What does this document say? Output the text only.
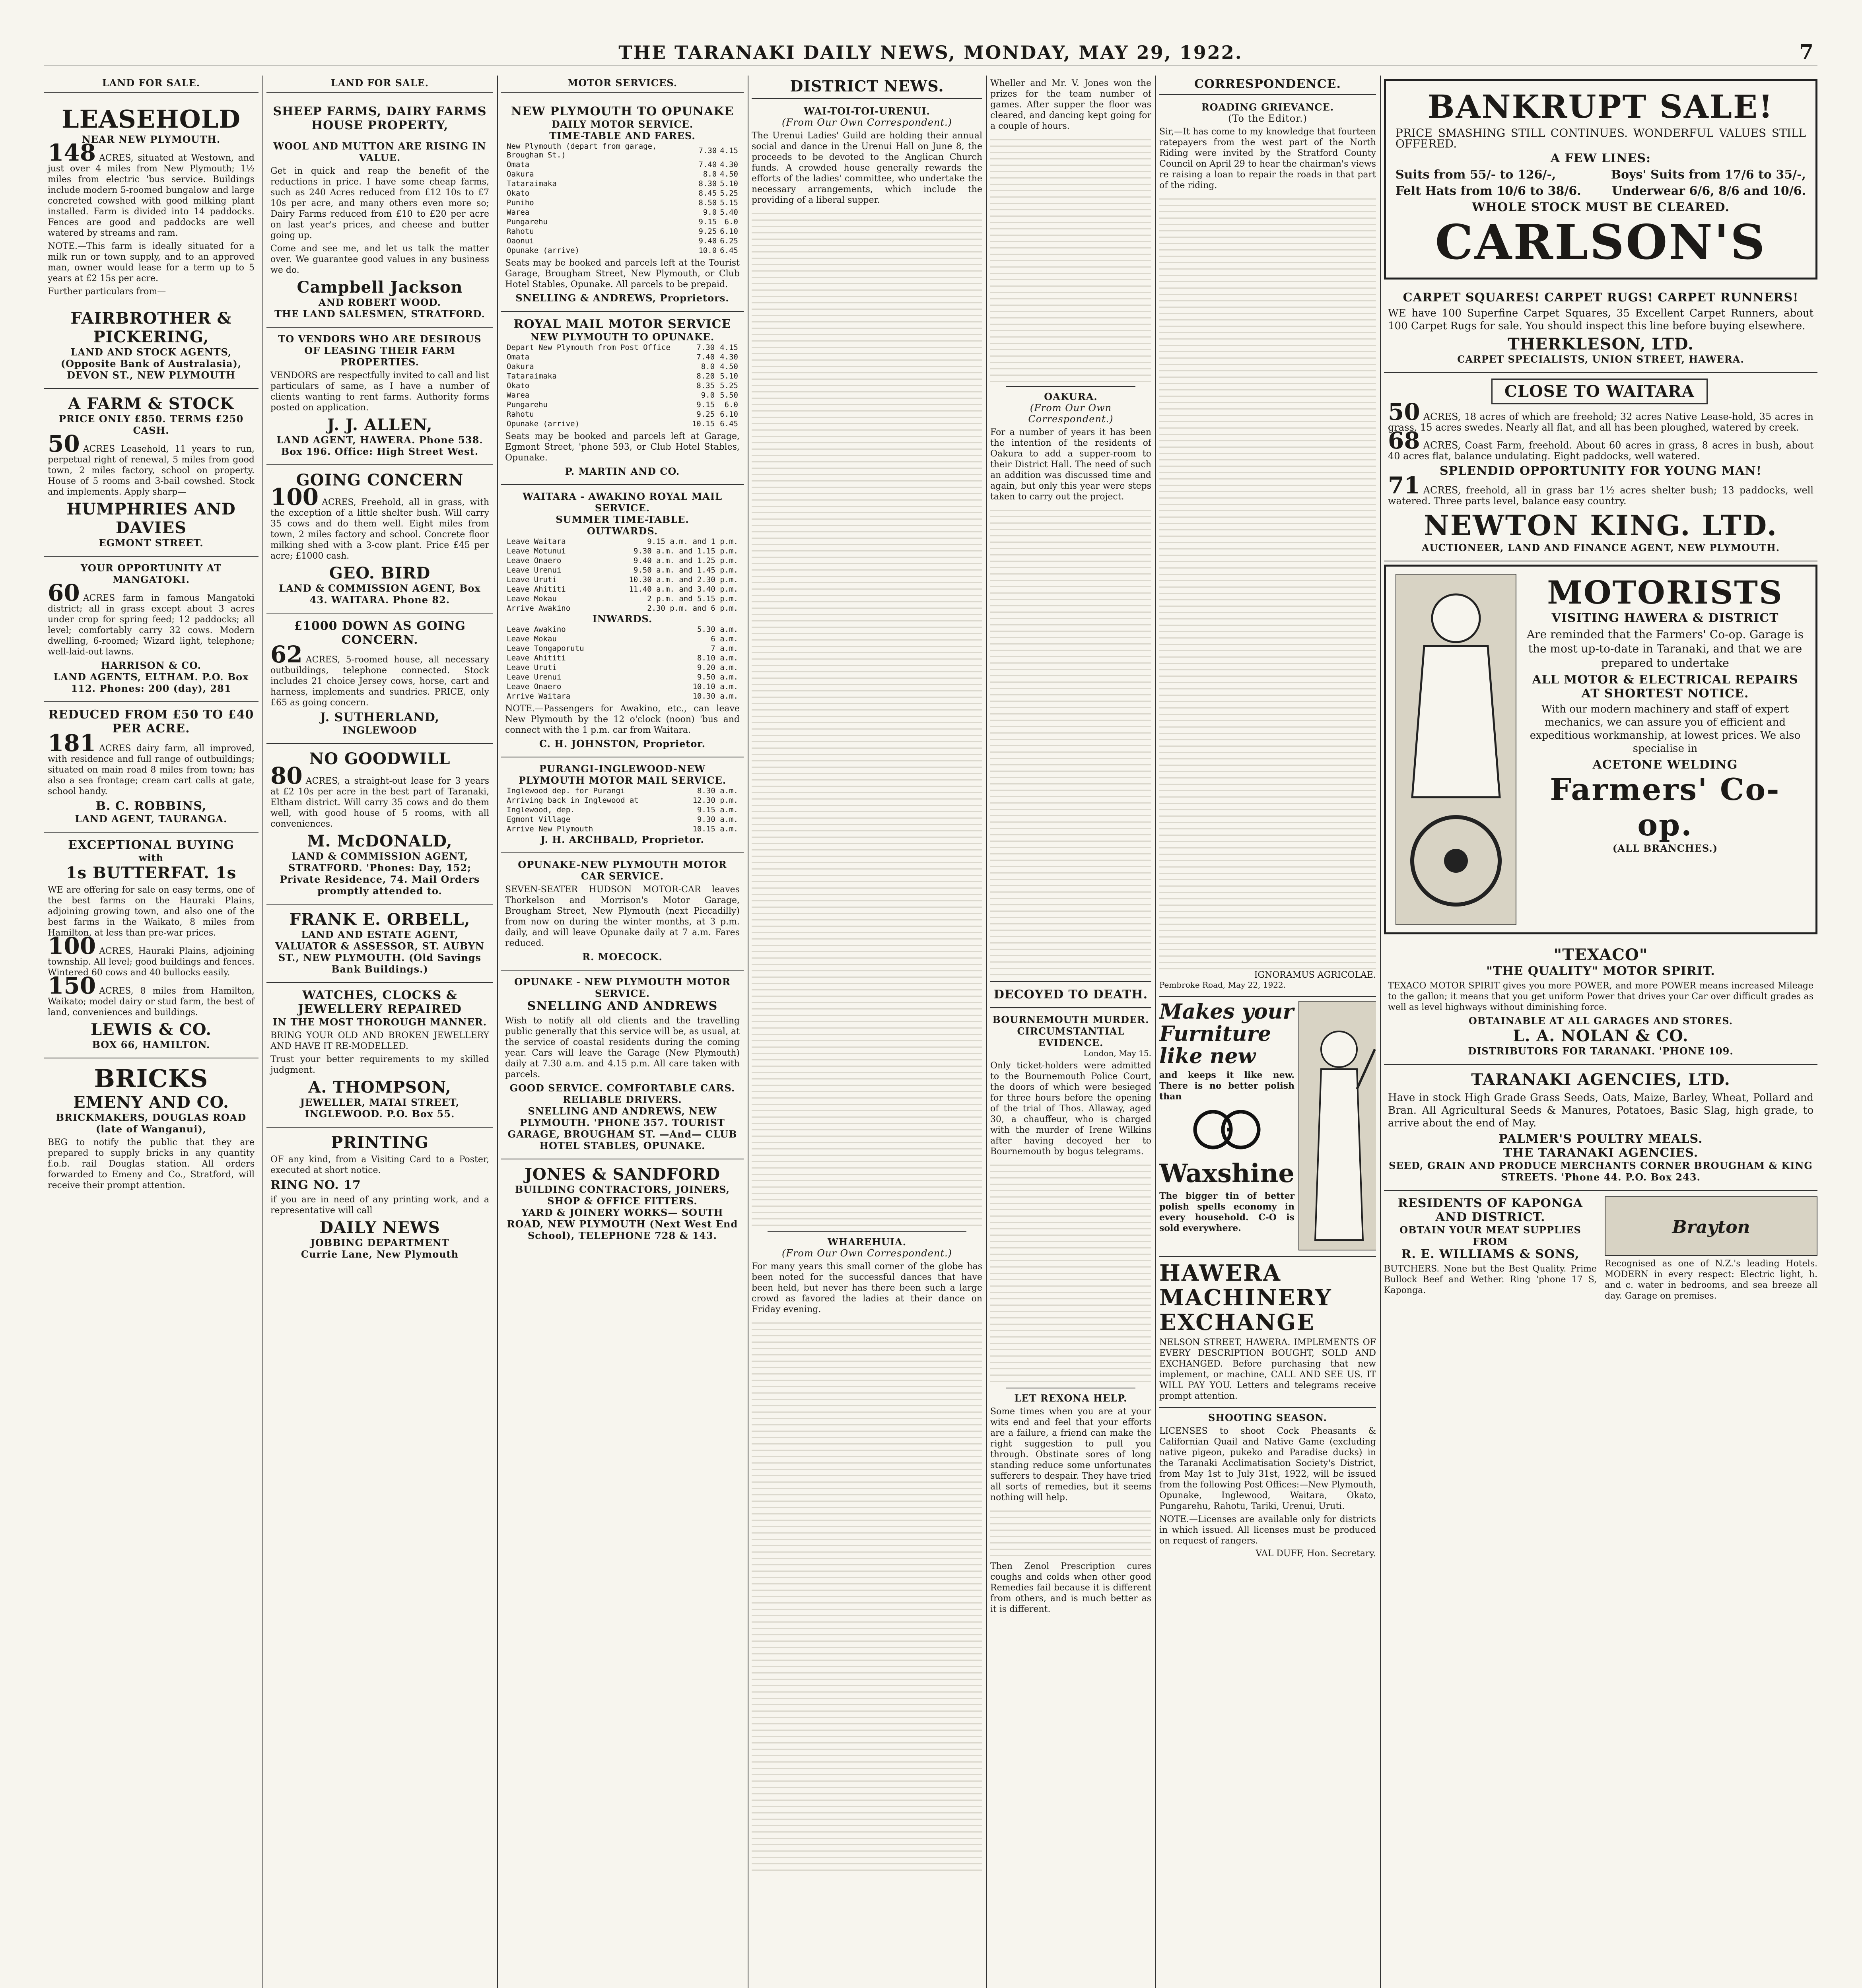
THE TARANAKI DAILY NEWS, MONDAY, MAY 29, 1922.	7
LAND FOR SALE.
LEASEHOLD
NEAR NEW PLYMOUTH.

148 ACRES, situated at Westown, and just over 4 miles from New Plymouth; 1½ miles from electric 'bus service. Buildings include modern 5-roomed bungalow and large concreted cowshed with good milking plant installed. Farm is divided into 14 paddocks. Fences are good and paddocks are well watered by streams and ram.

NOTE.—This farm is ideally situated for a milk run or town supply, and to an approved man, owner would lease for a term up to 5 years at £2 15s per acre.

Further particulars from—

FAIRBROTHER & PICKERING,
LAND AND STOCK AGENTS, (Opposite Bank of Australasia), DEVON ST., NEW PLYMOUTH
A FARM & STOCK
PRICE ONLY £850. TERMS £250 CASH.

50 ACRES Leasehold, 11 years to run, perpetual right of renewal, 5 miles from good town, 2 miles factory, school on property. House of 5 rooms and 3-bail cowshed. Stock and implements. Apply sharp—

HUMPHRIES AND DAVIES
EGMONT STREET.
YOUR OPPORTUNITY AT MANGATOKI.

60 ACRES farm in famous Mangatoki district; all in grass except about 3 acres under crop for spring feed; 12 paddocks; all level; comfortably carry 32 cows. Modern dwelling, 6-roomed; Wizard light, telephone; well-laid-out lawns.

HARRISON & CO.
LAND AGENTS, ELTHAM. P.O. Box 112. Phones: 200 (day), 281
REDUCED FROM £50 TO £40 PER ACRE.

181 ACRES dairy farm, all improved, with residence and full range of outbuildings; situated on main road 8 miles from town; has also a sea frontage; cream cart calls at gate, school handy.

B. C. ROBBINS,
LAND AGENT, TAURANGA.
EXCEPTIONAL BUYING
with
1s BUTTERFAT. 1s

WE are offering for sale on easy terms, one of the best farms on the Hauraki Plains, adjoining growing town, and also one of the best farms in the Waikato, 8 miles from Hamilton, at less than pre-war prices.

100 ACRES, Hauraki Plains, adjoining township. All level; good buildings and fences. Wintered 60 cows and 40 bullocks easily.

150 ACRES, 8 miles from Hamilton, Waikato; model dairy or stud farm, the best of land, conveniences and buildings.

LEWIS & CO.
BOX 66, HAMILTON.
BRICKS
EMENY AND CO.
BRICKMAKERS, DOUGLAS ROAD (late of Wanganui),

BEG to notify the public that they are prepared to supply bricks in any quantity f.o.b. rail Douglas station. All orders forwarded to Emeny and Co., Stratford, will receive their prompt attention.

LAND FOR SALE.
SHEEP FARMS, DAIRY FARMS HOUSE PROPERTY,
WOOL AND MUTTON ARE RISING IN VALUE.

Get in quick and reap the benefit of the reductions in price. I have some cheap farms, such as 240 Acres reduced from £12 10s to £7 10s per acre, and many others even more so; Dairy Farms reduced from £10 to £20 per acre on last year's prices, and cheese and butter going up.

Come and see me, and let us talk the matter over. We guarantee good values in any business we do.

Campbell Jackson
AND ROBERT WOOD.
THE LAND SALESMEN, STRATFORD.
TO VENDORS WHO ARE DESIROUS OF LEASING THEIR FARM PROPERTIES.

VENDORS are respectfully invited to call and list particulars of same, as I have a number of clients wanting to rent farms. Authority forms posted on application.

J. J. ALLEN,
LAND AGENT, HAWERA. Phone 538. Box 196. Office: High Street West.
GOING CONCERN

100 ACRES, Freehold, all in grass, with the exception of a little shelter bush. Will carry 35 cows and do them well. Eight miles from town, 2 miles factory and school. Concrete floor milking shed with a 3-cow plant. Price £45 per acre; £1000 cash.

GEO. BIRD
LAND & COMMISSION AGENT, Box 43. WAITARA. Phone 82.
£1000 DOWN AS GOING CONCERN.

62 ACRES, 5-roomed house, all necessary outbuildings, telephone connected. Stock includes 21 choice Jersey cows, horse, cart and harness, implements and sundries. PRICE, only £65 as going concern.

J. SUTHERLAND,
INGLEWOOD
NO GOODWILL

80 ACRES, a straight-out lease for 3 years at £2 10s per acre in the best part of Taranaki, Eltham district. Will carry 35 cows and do them well, with good house of 5 rooms, with all conveniences.

M. McDONALD,
LAND & COMMISSION AGENT, STRATFORD. 'Phones: Day, 152; Private Residence, 74. Mail Orders promptly attended to.
FRANK E. ORBELL,
LAND AND ESTATE AGENT, VALUATOR & ASSESSOR, ST. AUBYN ST., NEW PLYMOUTH. (Old Savings Bank Buildings.)
WATCHES, CLOCKS & JEWELLERY REPAIRED
IN THE MOST THOROUGH MANNER.

BRING YOUR OLD AND BROKEN JEWELLERY AND HAVE IT RE-MODELLED.

Trust your better requirements to my skilled judgment.

A. THOMPSON,
JEWELLER, MATAI STREET, INGLEWOOD. P.O. Box 55.
PRINTING

OF any kind, from a Visiting Card to a Poster, executed at short notice.

RING NO. 17

if you are in need of any printing work, and a representative will call

DAILY NEWS
JOBBING DEPARTMENT
Currie Lane, New Plymouth
MOTOR SERVICES.
NEW PLYMOUTH TO OPUNAKE
DAILY MOTOR SERVICE.
TIME-TABLE AND FARES.
New Plymouth (depart from garage, Brougham St.)	7.30	4.15
Omata	7.40	4.30
Oakura	8.0	4.50
Tataraimaka	8.30	5.10
Okato	8.45	5.25
Puniho	8.50	5.15
Warea	9.0	5.40
Pungarehu	9.15	6.0
Rahotu	9.25	6.10
Oaonui	9.40	6.25
Opunake (arrive)	10.0	6.45

Seats may be booked and parcels left at the Tourist Garage, Brougham Street, New Plymouth, or Club Hotel Stables, Opunake. All parcels to be prepaid.

SNELLING & ANDREWS, Proprietors.
ROYAL MAIL MOTOR SERVICE
NEW PLYMOUTH TO OPUNAKE.
Depart New Plymouth from Post Office	7.30	4.15
Omata	7.40	4.30
Oakura	8.0	4.50
Tataraimaka	8.20	5.10
Okato	8.35	5.25
Warea	9.0	5.50
Pungarehu	9.15	6.0
Rahotu	9.25	6.10
Opunake (arrive)	10.15	6.45

Seats may be booked and parcels left at Garage, Egmont Street, 'phone 593, or Club Hotel Stables, Opunake.

P. MARTIN AND CO.
WAITARA - AWAKINO ROYAL MAIL SERVICE.
SUMMER TIME-TABLE.
OUTWARDS.
Leave Waitara	9.15 a.m. and 1 p.m.
Leave Motunui	9.30 a.m. and 1.15 p.m.
Leave Onaero	9.40 a.m. and 1.25 p.m.
Leave Urenui	9.50 a.m. and 1.45 p.m.
Leave Uruti	10.30 a.m. and 2.30 p.m.
Leave Ahititi	11.40 a.m. and 3.40 p.m.
Leave Mokau	2 p.m. and 5.15 p.m.
Arrive Awakino	2.30 p.m. and 6 p.m.
INWARDS.
Leave Awakino	5.30 a.m.
Leave Mokau	6 a.m.
Leave Tongaporutu	7 a.m.
Leave Ahititi	8.10 a.m.
Leave Uruti	9.20 a.m.
Leave Urenui	9.50 a.m.
Leave Onaero	10.10 a.m.
Arrive Waitara	10.30 a.m.

NOTE.—Passengers for Awakino, etc., can leave New Plymouth by the 12 o'clock (noon) 'bus and connect with the 1 p.m. car from Waitara.

C. H. JOHNSTON, Proprietor.
PURANGI-INGLEWOOD-NEW PLYMOUTH MOTOR MAIL SERVICE.
Inglewood dep. for Purangi	8.30 a.m.
Arriving back in Inglewood at	12.30 p.m.
Inglewood, dep.	9.15 a.m.
Egmont Village	9.30 a.m.
Arrive New Plymouth	10.15 a.m.
J. H. ARCHBALD, Proprietor.
OPUNAKE-NEW PLYMOUTH MOTOR CAR SERVICE.

SEVEN-SEATER HUDSON MOTOR-CAR leaves Thorkelson and Morrison's Motor Garage, Brougham Street, New Plymouth (next Piccadilly) from now on during the winter months, at 3 p.m. daily, and will leave Opunake daily at 7 a.m. Fares reduced.

R. MOECOCK.
OPUNAKE - NEW PLYMOUTH MOTOR SERVICE.
SNELLING AND ANDREWS

Wish to notify all old clients and the travelling public generally that this service will be, as usual, at the service of coastal residents during the coming year. Cars will leave the Garage (New Plymouth) daily at 7.30 a.m. and 4.15 p.m. All care taken with parcels.

GOOD SERVICE. COMFORTABLE CARS. RELIABLE DRIVERS.
SNELLING AND ANDREWS, NEW PLYMOUTH. 'PHONE 357. TOURIST GARAGE, BROUGHAM ST. —And— CLUB HOTEL STABLES, OPUNAKE.
JONES & SANDFORD
BUILDING CONTRACTORS, JOINERS, SHOP & OFFICE FITTERS.
YARD & JOINERY WORKS— SOUTH ROAD, NEW PLYMOUTH (Next West End School), TELEPHONE 728 & 143.
DISTRICT NEWS.
WAI-TOI-TOI-URENUI.
(From Our Own Correspondent.)

The Urenui Ladies' Guild are holding their annual social and dance in the Urenui Hall on June 8, the proceeds to be devoted to the Anglican Church funds. A crowded house generally rewards the efforts of the ladies' committee, who undertake the necessary arrangements, which include the providing of a liberal supper.

WHAREHUIA.
(From Our Own Correspondent.)

For many years this small corner of the globe has been noted for the successful dances that have been held, but never has there been such a large crowd as favored the ladies at their dance on Friday evening.

Wheller and Mr. V. Jones won the prizes for the team number of games. After supper the floor was cleared, and dancing kept going for a couple of hours.

OAKURA.
(From Our Own Correspondent.)

For a number of years it has been the intention of the residents of Oakura to add a supper-room to their District Hall. The need of such an addition was discussed time and again, but only this year were steps taken to carry out the project.

DECOYED TO DEATH.
BOURNEMOUTH MURDER.
CIRCUMSTANTIAL EVIDENCE.
London, May 15.

Only ticket-holders were admitted to the Bournemouth Police Court, the doors of which were besieged for three hours before the opening of the trial of Thos. Allaway, aged 30, a chauffeur, who is charged with the murder of Irene Wilkins after having decoyed her to Bournemouth by bogus telegrams.

LET REXONA HELP.

Some times when you are at your wits end and feel that your efforts are a failure, a friend can make the right suggestion to pull you through. Obstinate sores of long standing reduce some unfortunates sufferers to despair. They have tried all sorts of remedies, but it seems nothing will help.

Then Zenol Prescription cures coughs and colds when other good Remedies fail because it is different from others, and is much better as it is different.

CORRESPONDENCE.
ROADING GRIEVANCE.
(To the Editor.)

Sir,—It has come to my knowledge that fourteen ratepayers from the west part of the North Riding were invited by the Stratford County Council on April 29 to hear the chairman's views re raising a loan to repair the roads in that part of the riding.

IGNORAMUS AGRICOLAE.
Pembroke Road, May 22, 1922.
Makes your Furniture like new

and keeps it like new. There is no better polish than

Waxshine

The bigger tin of better polish spells economy in every household. C-O is sold everywhere.

HAWERA MACHINERY EXCHANGE

NELSON STREET, HAWERA. IMPLEMENTS OF EVERY DESCRIPTION BOUGHT, SOLD AND EXCHANGED. Before purchasing that new implement, or machine, CALL AND SEE US. IT WILL PAY YOU. Letters and telegrams receive prompt attention.

SHOOTING SEASON.

LICENSES to shoot Cock Pheasants & Californian Quail and Native Game (excluding native pigeon, pukeko and Paradise ducks) in the Taranaki Acclimatisation Society's District, from May 1st to July 31st, 1922, will be issued from the following Post Offices:—New Plymouth, Opunake, Inglewood, Waitara, Okato, Pungarehu, Rahotu, Tariki, Urenui, Uruti.

NOTE.—Licenses are available only for districts in which issued. All licenses must be produced on request of rangers.

VAL DUFF, Hon. Secretary.
BANKRUPT SALE!

PRICE SMASHING STILL CONTINUES. WONDERFUL VALUES STILL OFFERED.

A FEW LINES:
Suits from 55/- to 126/-,	Boys' Suits from 17/6 to 35/-,
Felt Hats from 10/6 to 38/6.	Underwear 6/6, 8/6 and 10/6.
WHOLE STOCK MUST BE CLEARED.
CARLSON'S
CARPET SQUARES! CARPET RUGS! CARPET RUNNERS!

WE have 100 Superfine Carpet Squares, 35 Excellent Carpet Runners, about 100 Carpet Rugs for sale. You should inspect this line before buying elsewhere.

THERKLESON, LTD.
CARPET SPECIALISTS, UNION STREET, HAWERA.
CLOSE TO WAITARA

50 ACRES, 18 acres of which are freehold; 32 acres Native Lease-hold, 35 acres in grass, 15 acres swedes. Nearly all flat, and all has been ploughed, watered by creek.

68 ACRES, Coast Farm, freehold. About 60 acres in grass, 8 acres in bush, about 40 acres flat, balance undulating. Eight paddocks, well watered.

SPLENDID OPPORTUNITY FOR YOUNG MAN!

71 ACRES, freehold, all in grass bar 1½ acres shelter bush; 13 paddocks, well watered. Three parts level, balance easy country.

NEWTON KING. LTD.
AUCTIONEER, LAND AND FINANCE AGENT, NEW PLYMOUTH.
MOTORISTS
VISITING HAWERA & DISTRICT

Are reminded that the Farmers' Co-op. Garage is the most up-to-date in Taranaki, and that we are prepared to undertake

ALL MOTOR & ELECTRICAL REPAIRS AT SHORTEST NOTICE.

With our modern machinery and staff of expert mechanics, we can assure you of efficient and expeditious workmanship, at lowest prices. We also specialise in

ACETONE WELDING
Farmers' Co-op.
(ALL BRANCHES.)
"TEXACO"
"THE QUALITY" MOTOR SPIRIT.

TEXACO MOTOR SPIRIT gives you more POWER, and more POWER means increased Mileage to the gallon; it means that you get uniform Power that drives your Car over difficult grades as well as level highways without diminishing force.

OBTAINABLE AT ALL GARAGES AND STORES.
L. A. NOLAN & CO.
DISTRIBUTORS FOR TARANAKI. 'PHONE 109.
TARANAKI AGENCIES, LTD.

Have in stock High Grade Grass Seeds, Oats, Maize, Barley, Wheat, Pollard and Bran. All Agricultural Seeds & Manures, Potatoes, Basic Slag, high grade, to arrive about the end of May.

PALMER'S POULTRY MEALS.
THE TARANAKI AGENCIES.
SEED, GRAIN AND PRODUCE MERCHANTS CORNER BROUGHAM & KING STREETS. 'Phone 44. P.O. Box 243.
RESIDENTS OF KAPONGA AND DISTRICT.
OBTAIN YOUR MEAT SUPPLIES FROM
R. E. WILLIAMS & SONS,

BUTCHERS. None but the Best Quality. Prime Bullock Beef and Wether. Ring 'phone 17 S, Kaponga.

Brayton

Recognised as one of N.Z.'s leading Hotels. MODERN in every respect: Electric light, h. and c. water in bedrooms, and sea breeze all day. Garage on premises.
